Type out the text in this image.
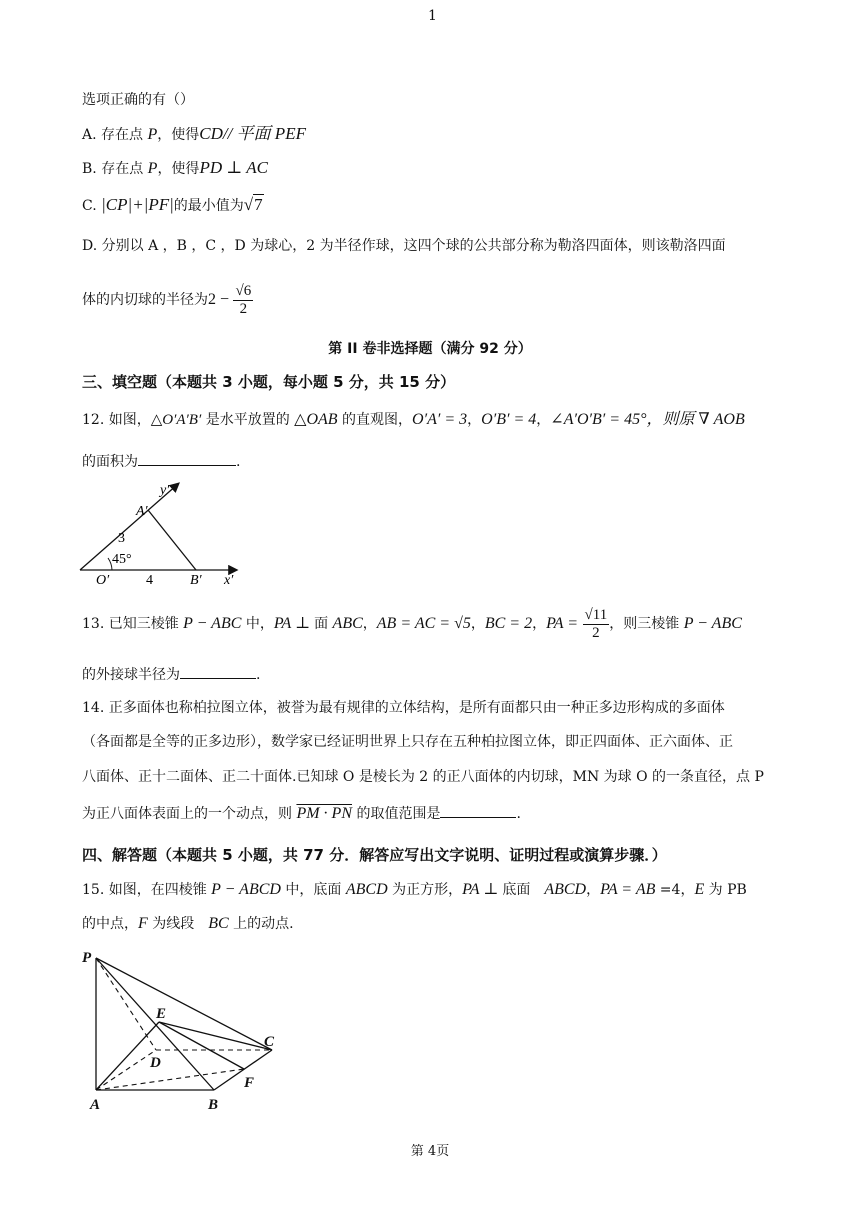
1
选项正确的有（）
A. 存在点 P，使得CD// 平面 PEF
B. 存在点 P，使得PD ⊥ AC
C. |CP|+|PF|的最小值为√7
D. 分别以 A ，B ，C ，D 为球心，2 为半径作球，这四个球的公共部分称为勒洛四面体，则该勒洛四面
体的内切球的半径为$2 - \frac{√6}{2}$
第 II 卷非选择题（满分 92 分）
三、填空题（本题共 3 小题，每小题 5 分，共 15 分）
12. 如图，△O′A′B′ 是水平放置的 △OAB 的直观图，O′A′ = 3，O′B′ = 4，∠A′O′B′ = 45°，则原 ∇ AOB
的面积为	.
y′
A′
3
45°
O′	4	B′ x′
13. 已知三棱锥 P − ABC 中，PA ⊥ 面 ABC，AB = AC = √5，BC = 2，PA = $\frac{√11}{2}$ ，则三棱锥 P − ABC
的外接球半径为	.
14. 正多面体也称柏拉图立体，被誉为最有规律的立体结构，是所有面都只由一种正多边形构成的多面体
（各面都是全等的正多边形），数学家已经证明世界上只存在五种柏拉图立体，即正四面体、正六面体、正
八面体、正十二面体、正二十面体.已知球 O 是棱长为 2 的正八面体的内切球，MN 为球 O 的一条直径，点 P
为正八面体表面上的一个动点，则 PM · PN 的取值范围是	.
四、解答题（本题共 5 小题，共 77 分．解答应写出文字说明、证明过程或演算步骤．）
15. 如图，在四棱锥 P − ABCD 中，底面 ABCD 为正方形，PA ⊥ 底面　ABCD，PA = AB =4，E 为 PB
的中点，F 为线段　BC 上的动点.
P
E
C
D
F
A	B
第 4页
